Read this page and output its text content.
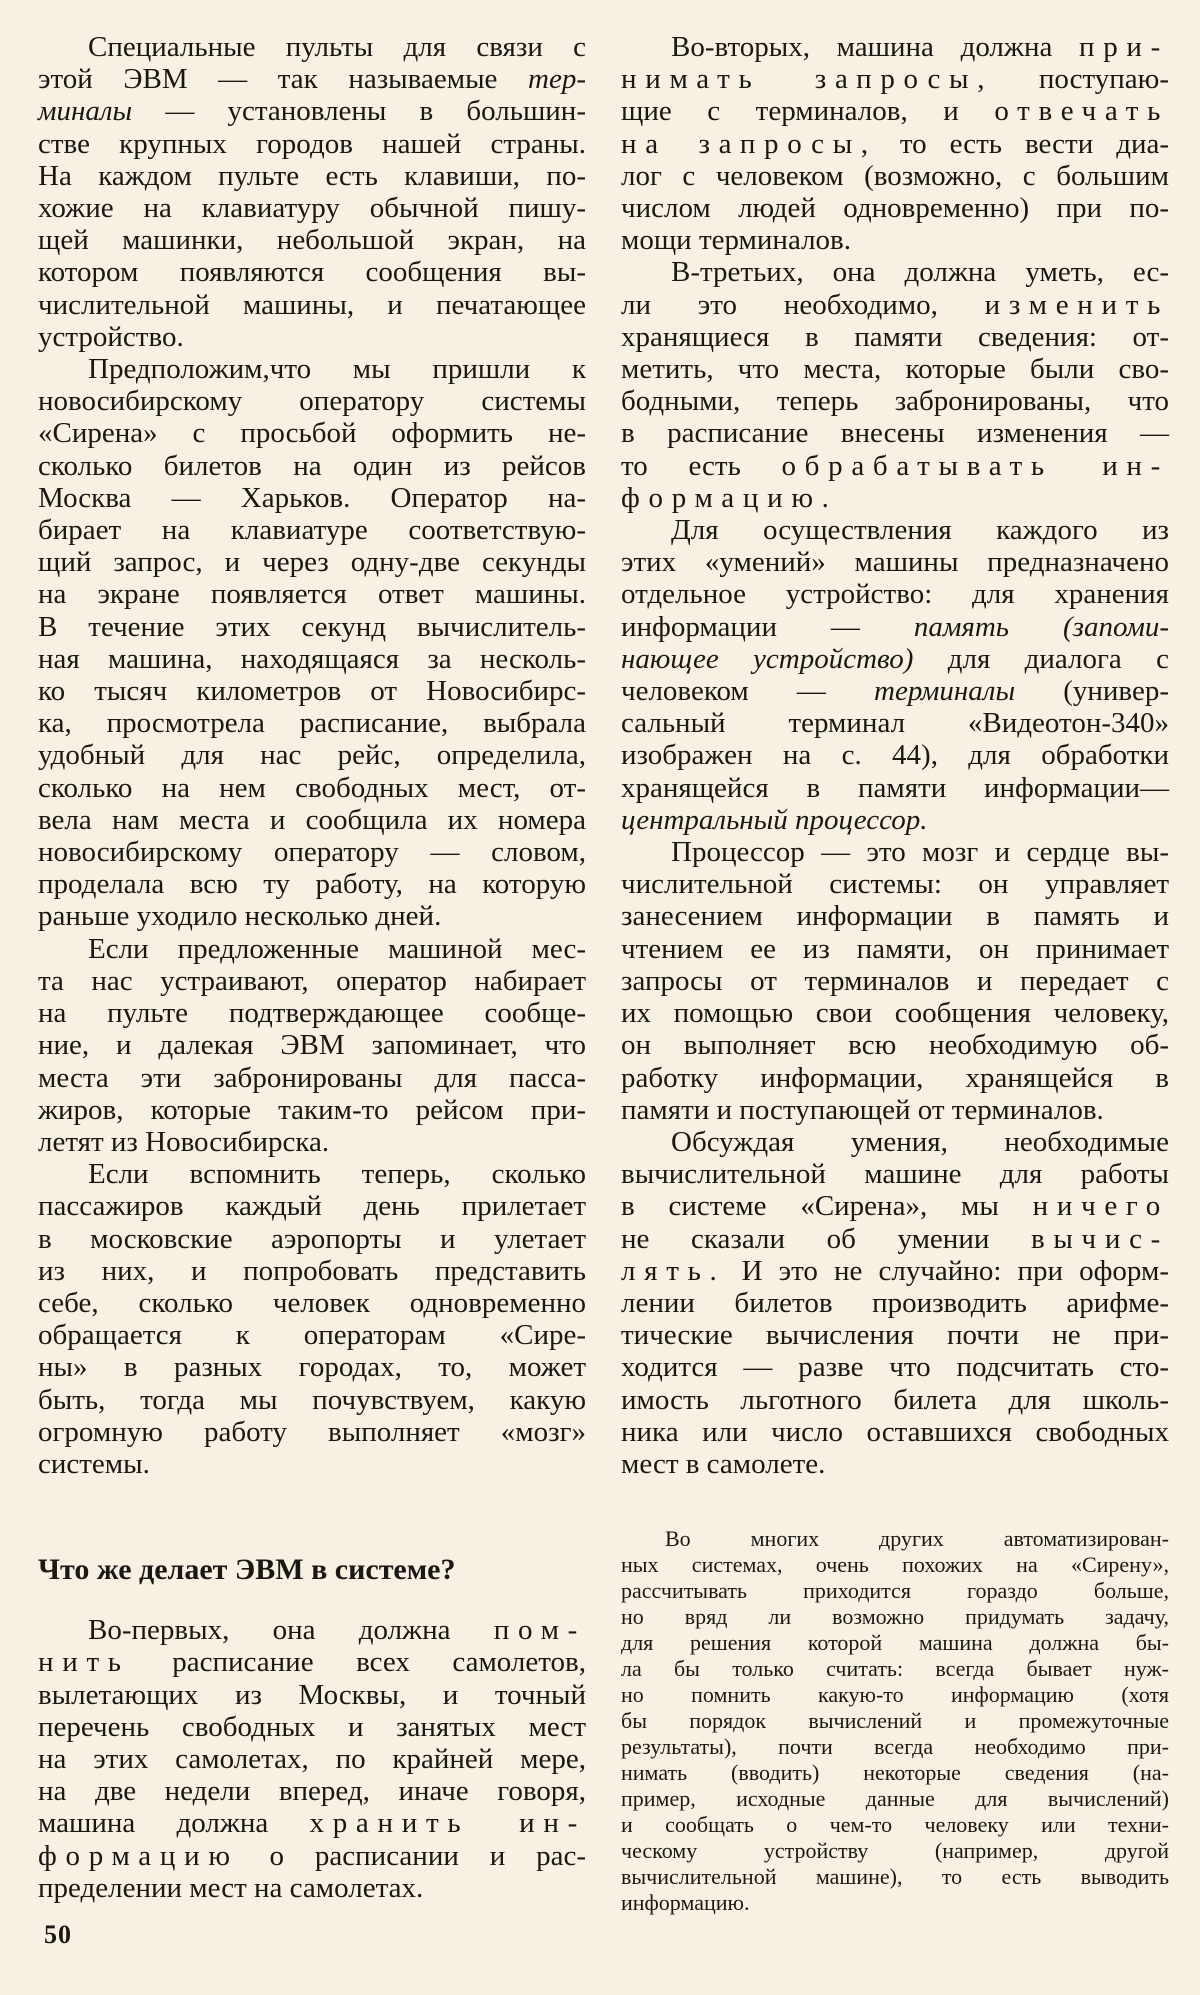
Специальные пульты для связи с
этой ЭВМ — так называемые тер-
миналы — установлены в большин-
стве крупных городов нашей страны.
На каждом пульте есть клавиши, по-
хожие на клавиатуру обычной пишу-
щей машинки, небольшой экран, на
котором появляются сообщения вы-
числительной машины, и печатающее
устройство.
Предположим,что мы пришли к
новосибирскому оператору системы
«Сирена» с просьбой оформить не-
сколько билетов на один из рейсов
Москва — Харьков. Оператор на-
бирает на клавиатуре соответствую-
щий запрос, и через одну-две секунды
на экране появляется ответ машины.
В течение этих секунд вычислитель-
ная машина, находящаяся за несколь-
ко тысяч километров от Новосибирс-
ка, просмотрела расписание, выбрала
удобный для нас рейс, определила,
сколько на нем свободных мест, от-
вела нам места и сообщила их номера
новосибирскому оператору — словом,
проделала всю ту работу, на которую
раньше уходило несколько дней.
Если предложенные машиной мес-
та нас устраивают, оператор набирает
на пульте подтверждающее сообще-
ние, и далекая ЭВМ запоминает, что
места эти забронированы для пасса-
жиров, которые таким-то рейсом при-
летят из Новосибирска.
Если вспомнить теперь, сколько
пассажиров каждый день прилетает
в московские аэропорты и улетает
из них, и попробовать представить
себе, сколько человек одновременно
обращается к операторам «Сире-
ны» в разных городах, то, может
быть, тогда мы почувствуем, какую
огромную работу выполняет «мозг»
системы.
Что же делает ЭВМ в системе?
Во-первых, она должна пом-
нить расписание всех самолетов,
вылетающих из Москвы, и точный
перечень свободных и занятых мест
на этих самолетах, по крайней мере,
на две недели вперед, иначе говоря,
машина должна хранить ин-
формацию о расписании и рас-
пределении мест на самолетах.
Во-вторых, машина должна при-
нимать запросы, поступаю-
щие с терминалов, и отвечать
на запросы, то есть вести диа-
лог с человеком (возможно, с большим
числом людей одновременно) при по-
мощи терминалов.
В-третьих, она должна уметь, ес-
ли это необходимо, изменить
хранящиеся в памяти сведения: от-
метить, что места, которые были сво-
бодными, теперь забронированы, что
в расписание внесены изменения —
то есть обрабатывать ин-
формацию.
Для осуществления каждого из
этих «умений» машины предназначено
отдельное устройство: для хранения
информации — память (запоми-
нающее устройство) для диалога с
человеком — терминалы (универ-
сальный терминал «Видеотон-340»
изображен на с. 44), для обработки
хранящейся в памяти информации—
центральный процессор.
Процессор — это мозг и сердце вы-
числительной системы: он управляет
занесением информации в память и
чтением ее из памяти, он принимает
запросы от терминалов и передает с
их помощью свои сообщения человеку,
он выполняет всю необходимую об-
работку информации, хранящейся в
памяти и поступающей от терминалов.
Обсуждая умения, необходимые
вычислительной машине для работы
в системе «Сирена», мы ничего
не сказали об умении вычис-
лять. И это не случайно: при оформ-
лении билетов производить арифме-
тические вычисления почти не при-
ходится — разве что подсчитать сто-
имость льготного билета для школь-
ника или число оставшихся свободных
мест в самолете.
Во многих других автоматизирован-
ных системах, очень похожих на «Сирену»,
рассчитывать приходится гораздо больше,
но вряд ли возможно придумать задачу,
для решения которой машина должна бы-
ла бы только считать: всегда бывает нуж-
но помнить какую-то информацию (хотя
бы порядок вычислений и промежуточные
результаты), почти всегда необходимо при-
нимать (вводить) некоторые сведения (на-
пример, исходные данные для вычислений)
и сообщать о чем-то человеку или техни-
ческому устройству (например, другой
вычислительной машине), то есть выводить
информацию.
50
